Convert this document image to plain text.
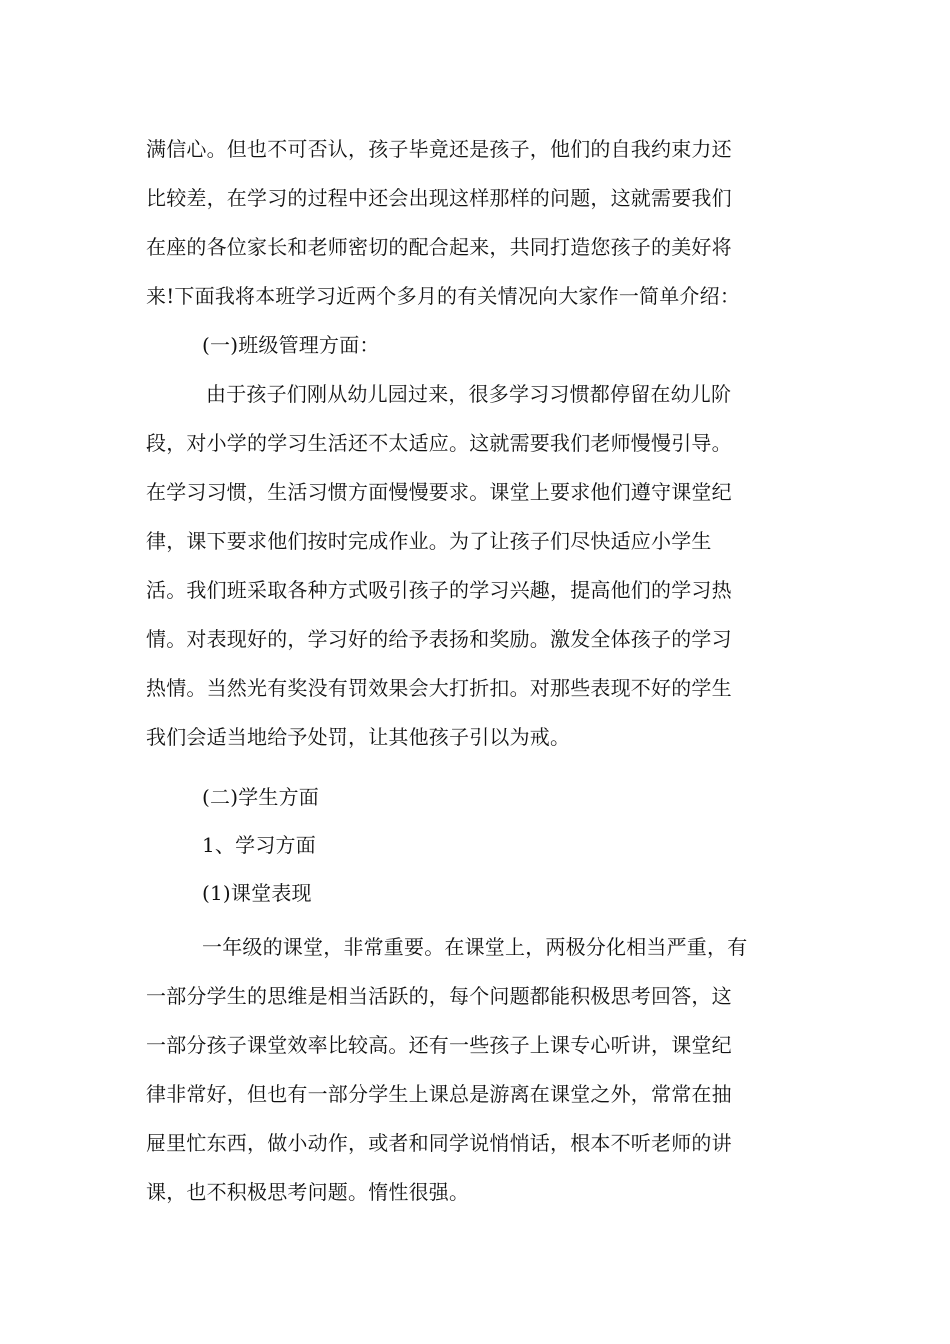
满信心。但也不可否认，孩子毕竟还是孩子，他们的自我约束力还
比较差，在学习的过程中还会出现这样那样的问题，这就需要我们
在座的各位家长和老师密切的配合起来，共同打造您孩子的美好将
来!下面我将本班学习近两个多月的有关情况向大家作一简单介绍：
(一)班级管理方面：
由于孩子们刚从幼儿园过来，很多学习习惯都停留在幼儿阶
段，对小学的学习生活还不太适应。这就需要我们老师慢慢引导。
在学习习惯，生活习惯方面慢慢要求。课堂上要求他们遵守课堂纪
律，课下要求他们按时完成作业。为了让孩子们尽快适应小学生
活。我们班采取各种方式吸引孩子的学习兴趣，提高他们的学习热
情。对表现好的，学习好的给予表扬和奖励。激发全体孩子的学习
热情。当然光有奖没有罚效果会大打折扣。对那些表现不好的学生
我们会适当地给予处罚，让其他孩子引以为戒。
(二)学生方面
1、学习方面
(1)课堂表现
一年级的课堂，非常重要。在课堂上，两极分化相当严重，有
一部分学生的思维是相当活跃的，每个问题都能积极思考回答，这
一部分孩子课堂效率比较高。还有一些孩子上课专心听讲，课堂纪
律非常好，但也有一部分学生上课总是游离在课堂之外，常常在抽
屉里忙东西，做小动作，或者和同学说悄悄话，根本不听老师的讲
课，也不积极思考问题。惰性很强。
